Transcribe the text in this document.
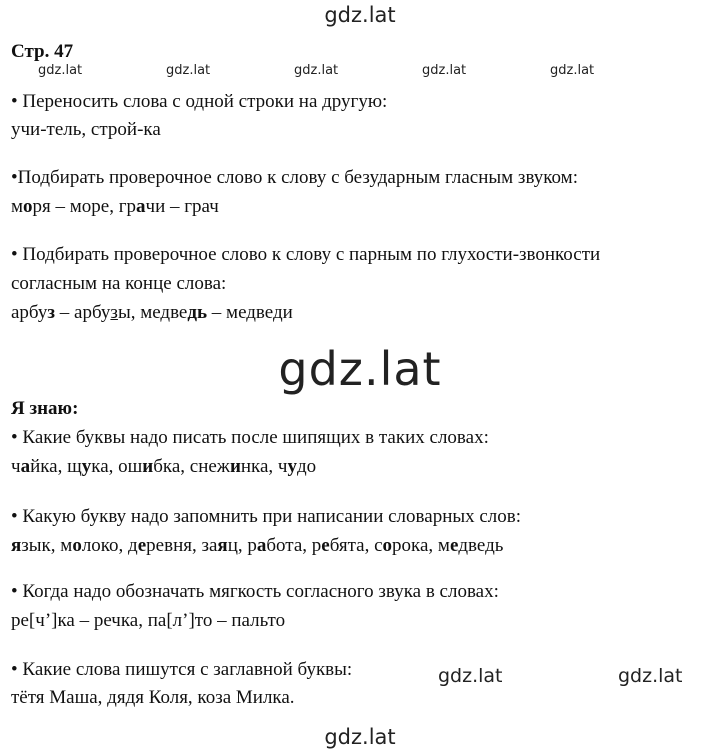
gdz.lat
gdz.lat	gdz.lat	gdz.lat	gdz.lat	gdz.lat
Стр. 47
• Переносить слова с одной строки на другую:
учи-тель, строй-ка
•Подбирать проверочное слово к слову с безударным гласным звуком:
моря – море, грачи – грач
• Подбирать проверочное слово к слову с парным по глухости-звонкости
согласным на конце слова:
арбуз – арбузы, медведь – медведи
gdz.lat
Я знаю:
• Какие буквы надо писать после шипящих в таких словах:
чайка, щука, ошибка, снежинка, чудо
• Какую букву надо запомнить при написании словарных слов:
язык, молоко, деревня, заяц, работа, ребята, сорока, медведь
• Когда надо обозначать мягкость согласного звука в словах:
ре[ч’]ка – речка, па[л’]то – пальто
• Какие слова пишутся с заглавной буквы:	gdz.lat	gdz.lat
тётя Маша, дядя Коля, коза Милка.
gdz.lat
